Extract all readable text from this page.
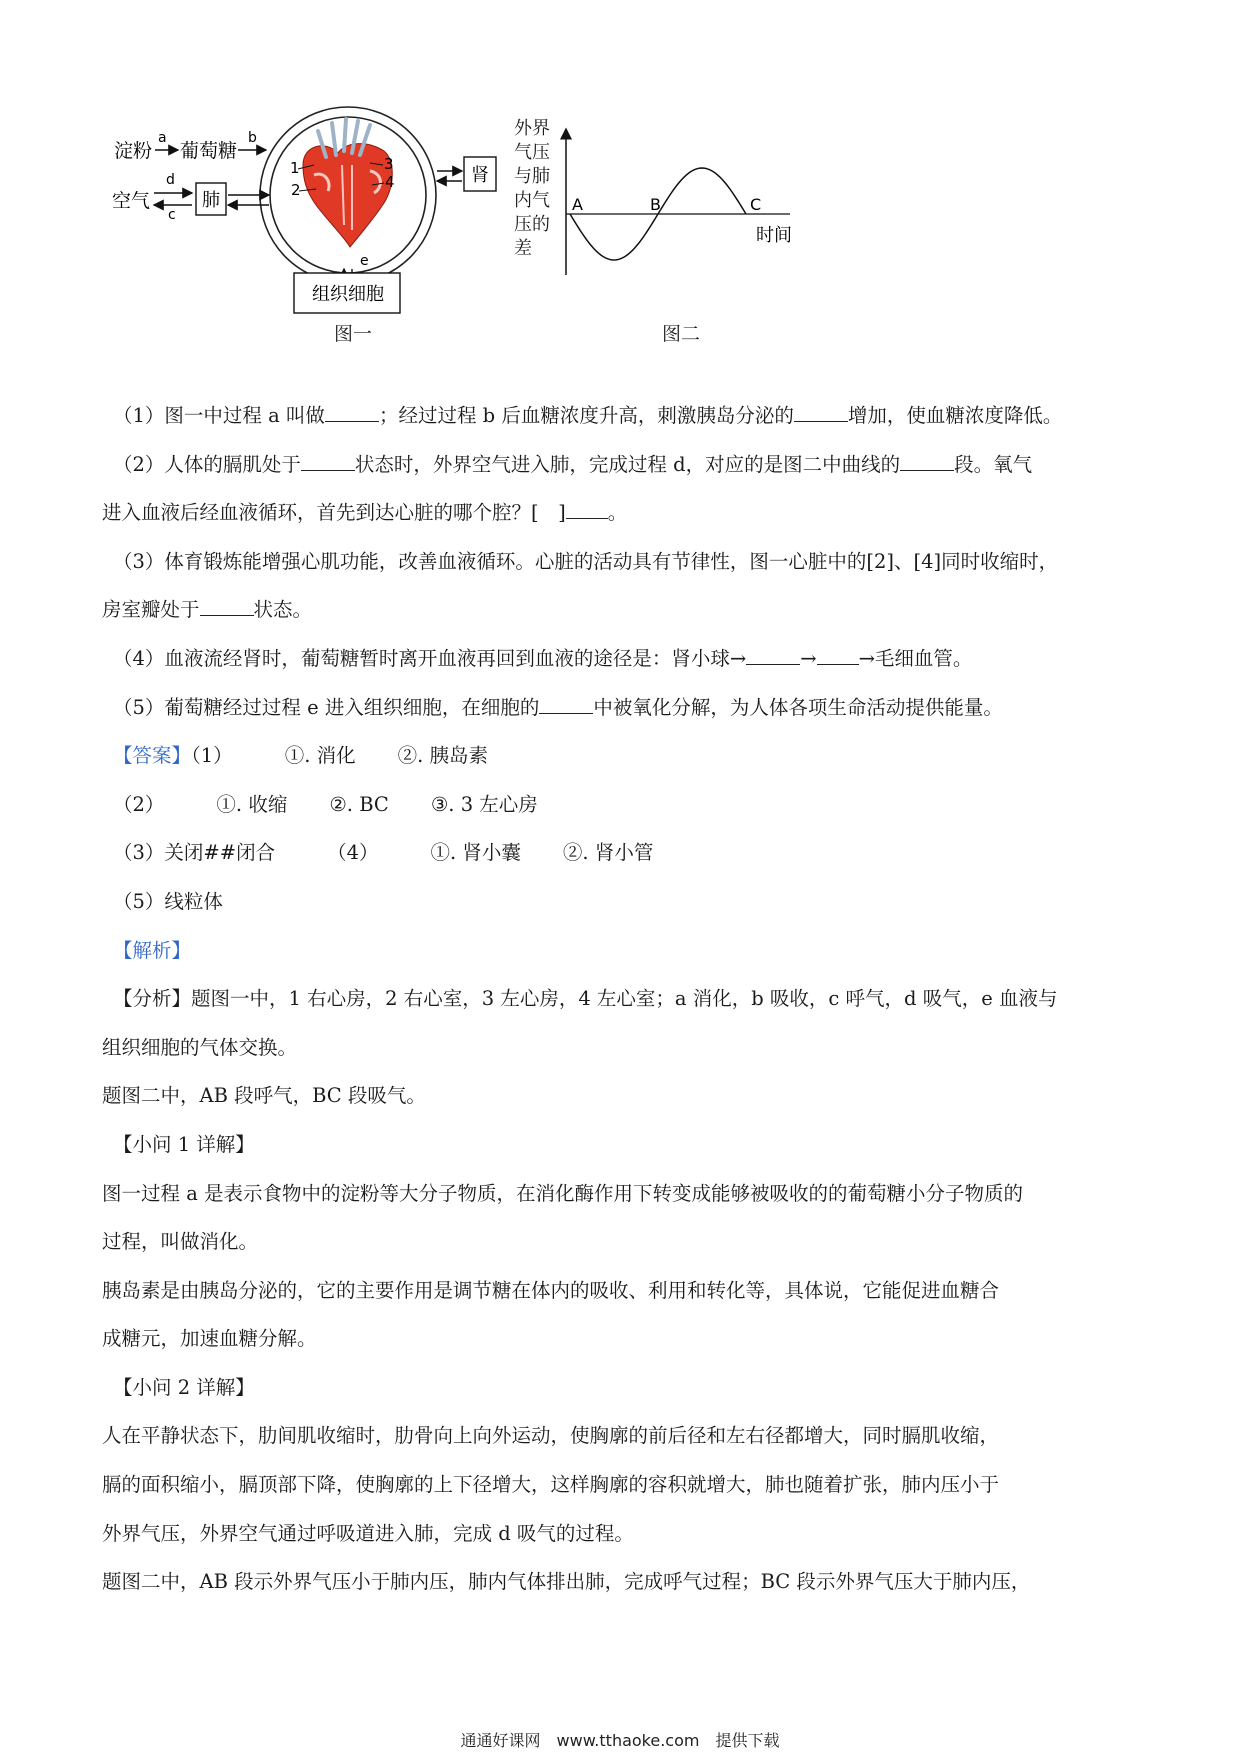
1
2
3
4
淀粉
a
葡萄糖
b
空气
d
c
肺
肾
e
组织细胞
图一
外界
气压
与肺
内气
压的
差
A	B	C
时间
图二
（1）图一中过程 a 叫做	；经过过程 b 后血糖浓度升高，刺激胰岛分泌的	增加，使血糖浓度降低。
（2）人体的膈肌处于	状态时，外界空气进入肺，完成过程 d，对应的是图二中曲线的	段。氧气
进入血液后经血液循环，首先到达心脏的哪个腔？[　] 。
（3）体育锻炼能增强心肌功能，改善血液循环。心脏的活动具有节律性，图一心脏中的[2]、[4]同时收缩时，
房室瓣处于	状态。
（4）血液流经肾时，葡萄糖暂时离开血液再回到血液的途径是：肾小球→	→ →毛细血管。
（5）葡萄糖经过过程 e 进入组织细胞，在细胞的	中被氧化分解，为人体各项生命活动提供能量。
【答案】（1）	①. 消化 ②. 胰岛素
（2）	①. 收缩 ②. BC ③. 3 左心房
（3）关闭##闭合	（4）	①. 肾小囊 ②. 肾小管
（5）线粒体
【解析】
【分析】题图一中，1 右心房，2 右心室，3 左心房，4 左心室；a 消化，b 吸收，c 呼气，d 吸气，e 血液与
组织细胞的气体交换。
题图二中，AB 段呼气，BC 段吸气。
【小问 1 详解】
图一过程 a 是表示食物中的淀粉等大分子物质，在消化酶作用下转变成能够被吸收的的葡萄糖小分子物质的
过程，叫做消化。
胰岛素是由胰岛分泌的，它的主要作用是调节糖在体内的吸收、利用和转化等，具体说，它能促进血糖合
成糖元，加速血糖分解。
【小问 2 详解】
人在平静状态下，肋间肌收缩时，肋骨向上向外运动，使胸廓的前后径和左右径都增大，同时膈肌收缩，
膈的面积缩小，膈顶部下降，使胸廓的上下径增大，这样胸廓的容积就增大，肺也随着扩张，肺内压小于
外界气压，外界空气通过呼吸道进入肺，完成 d 吸气的过程。
题图二中，AB 段示外界气压小于肺内压，肺内气体排出肺，完成呼气过程；BC 段示外界气压大于肺内压，
通通好课网　www.tthaoke.com　提供下载
